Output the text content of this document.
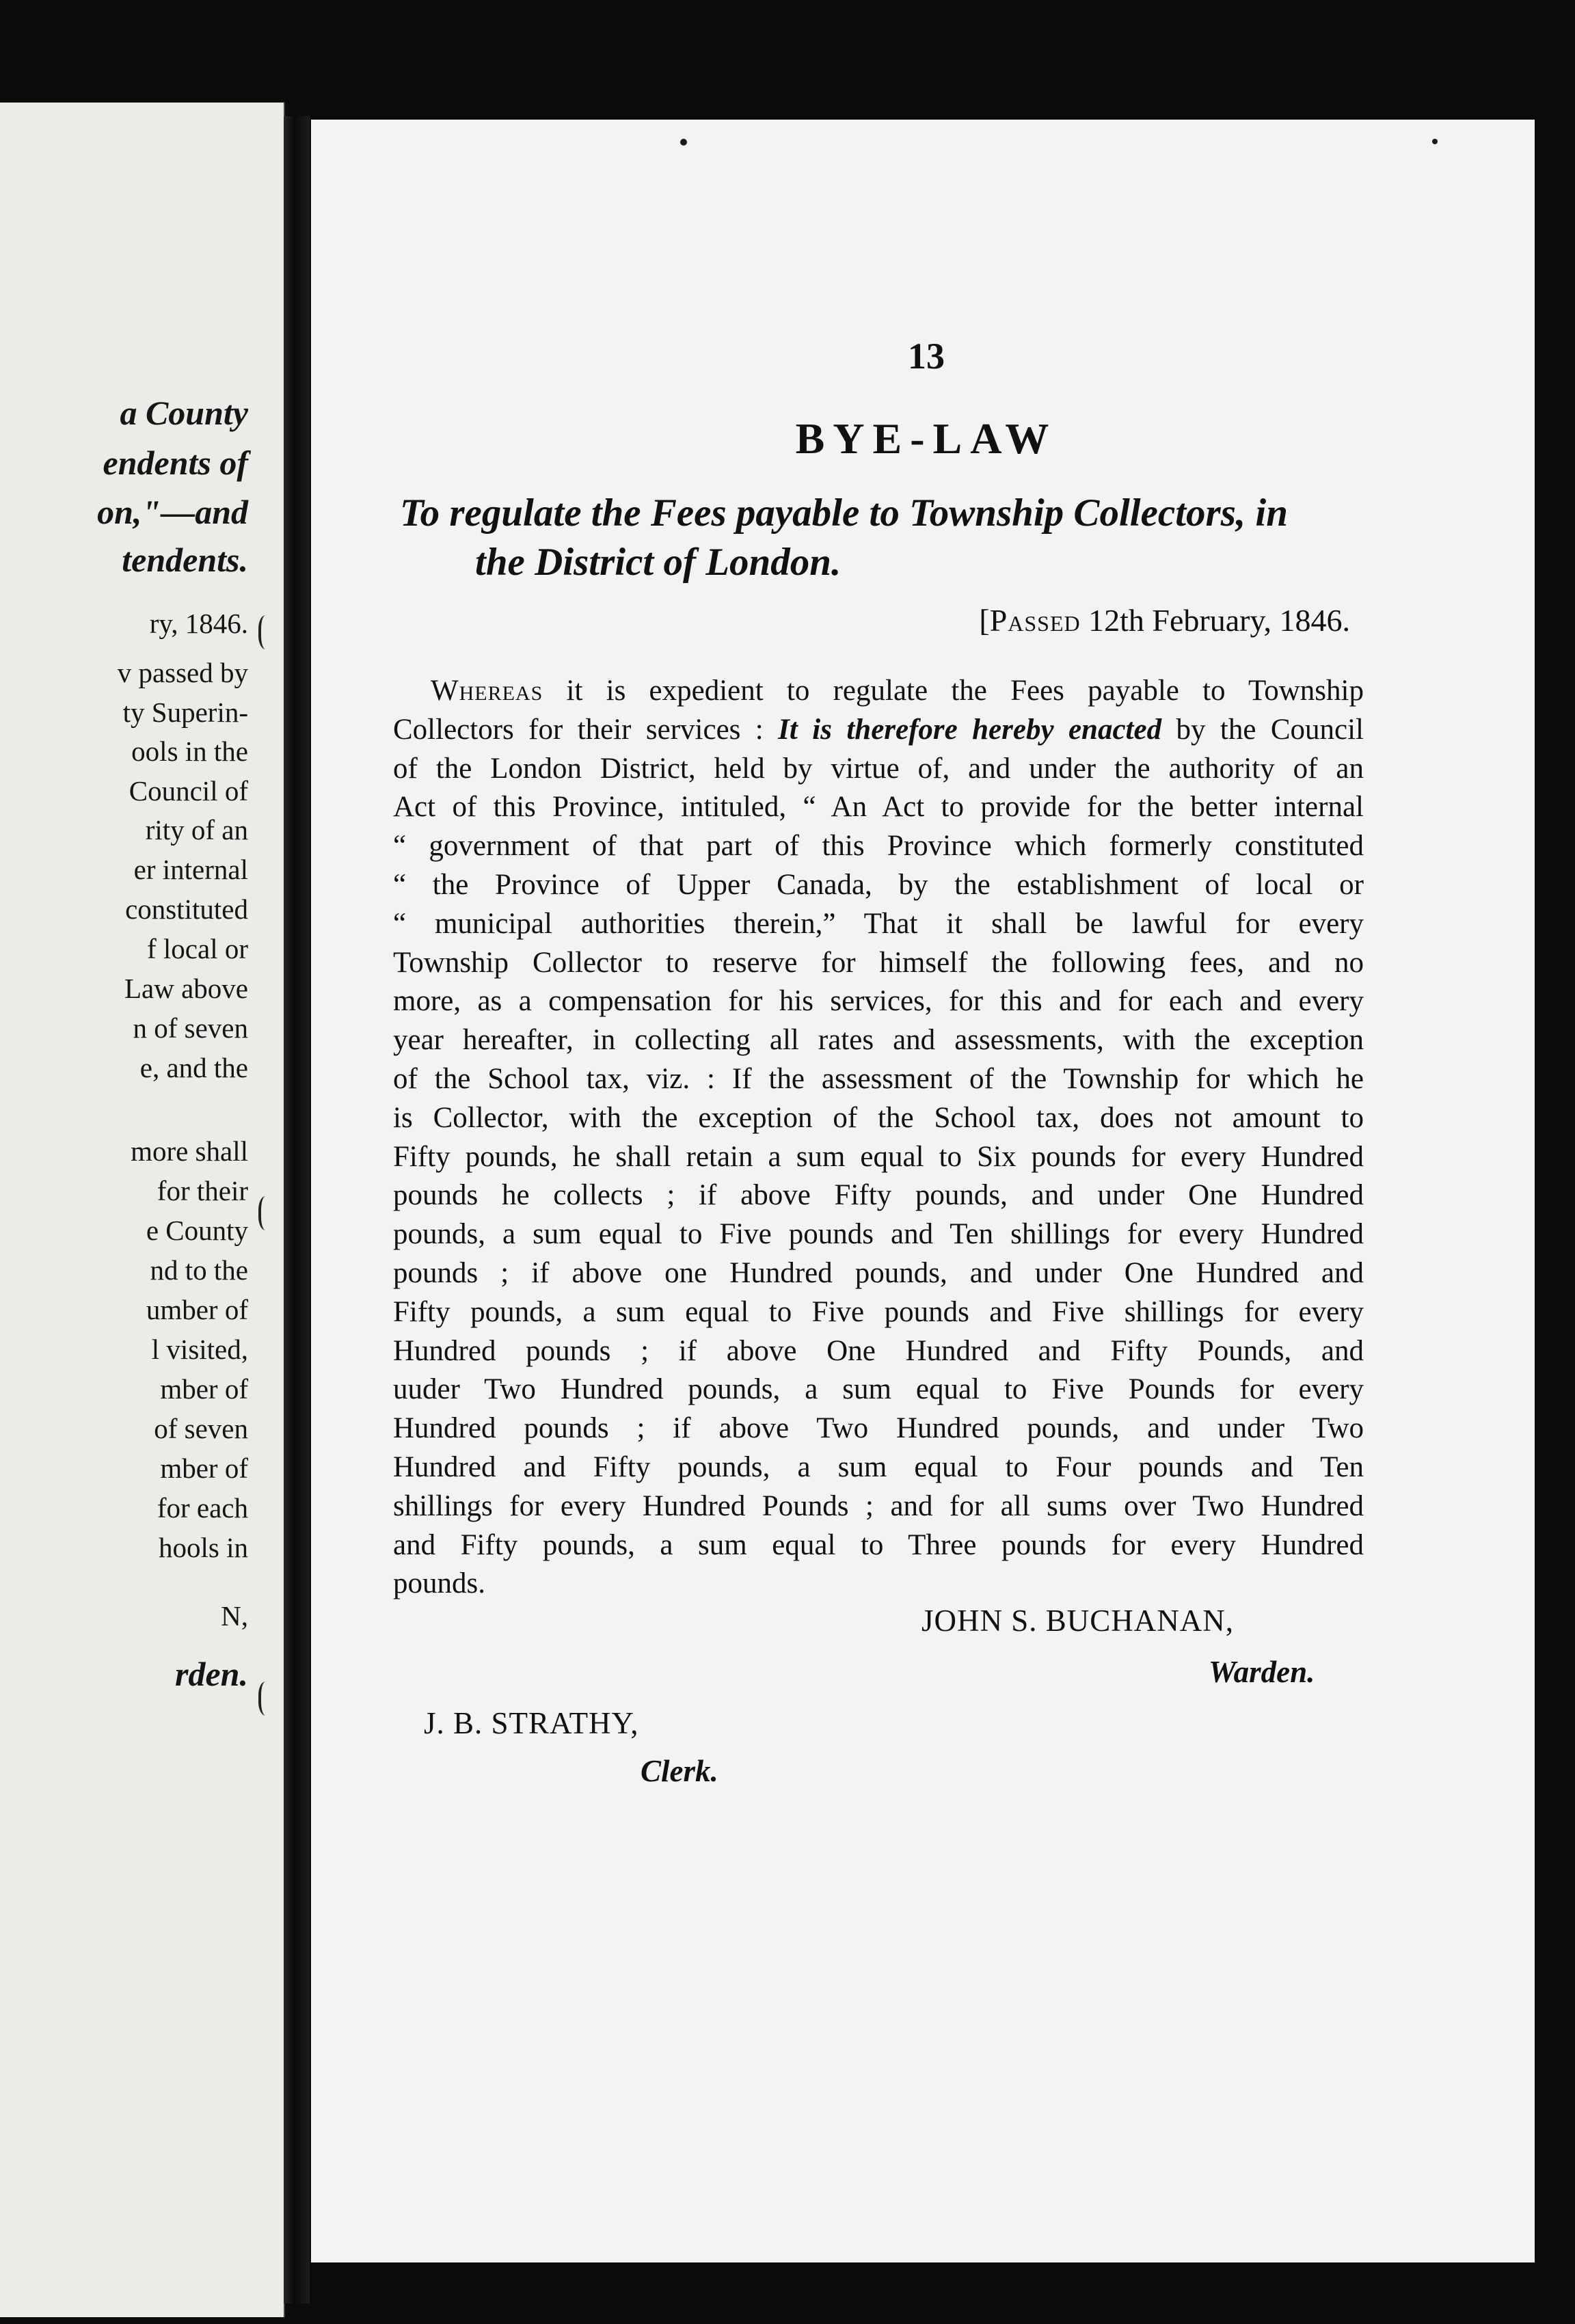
a County
endents of
on,"—and
tendents.
ry, 1846.
v passed by
ty Superin-
ools in the
Council of
rity of an
er internal
constituted
f local or
Law above
n of seven
e, and the
more shall
for their
e County
nd to the
umber of
l visited,
mber of
of seven
mber of
for each
hools in
N,
rden.
13
BYE-LAW
To regulate the Fees payable to Township Collectors, in
the District of London.
[Passed 12th February, 1846.
Whereas it is expedient to regulate the Fees payable to Township
Collectors for their services : It is therefore hereby enacted by the Council
of the London District, held by virtue of, and under the authority of an
Act of this Province, intituled, “ An Act to provide for the better internal
“ government of that part of this Province which formerly constituted
“ the Province of Upper Canada, by the establishment of local or
“ municipal authorities therein,” That it shall be lawful for every
Township Collector to reserve for himself the following fees, and no
more, as a compensation for his services, for this and for each and every
year hereafter, in collecting all rates and assessments, with the exception
of the School tax, viz. : If the assessment of the Township for which he
is Collector, with the exception of the School tax, does not amount to
Fifty pounds, he shall retain a sum equal to Six pounds for every Hundred
pounds he collects ; if above Fifty pounds, and under One Hundred
pounds, a sum equal to Five pounds and Ten shillings for every Hundred
pounds ; if above one Hundred pounds, and under One Hundred and
Fifty pounds, a sum equal to Five pounds and Five shillings for every
Hundred pounds ; if above One Hundred and Fifty Pounds, and
uuder Two Hundred pounds, a sum equal to Five Pounds for every
Hundred pounds ; if above Two Hundred pounds, and under Two
Hundred and Fifty pounds, a sum equal to Four pounds and Ten
shillings for every Hundred Pounds ; and for all sums over Two Hundred
and Fifty pounds, a sum equal to Three pounds for every Hundred
pounds.
JOHN S. BUCHANAN,
Warden.
J. B. STRATHY,
Clerk.
